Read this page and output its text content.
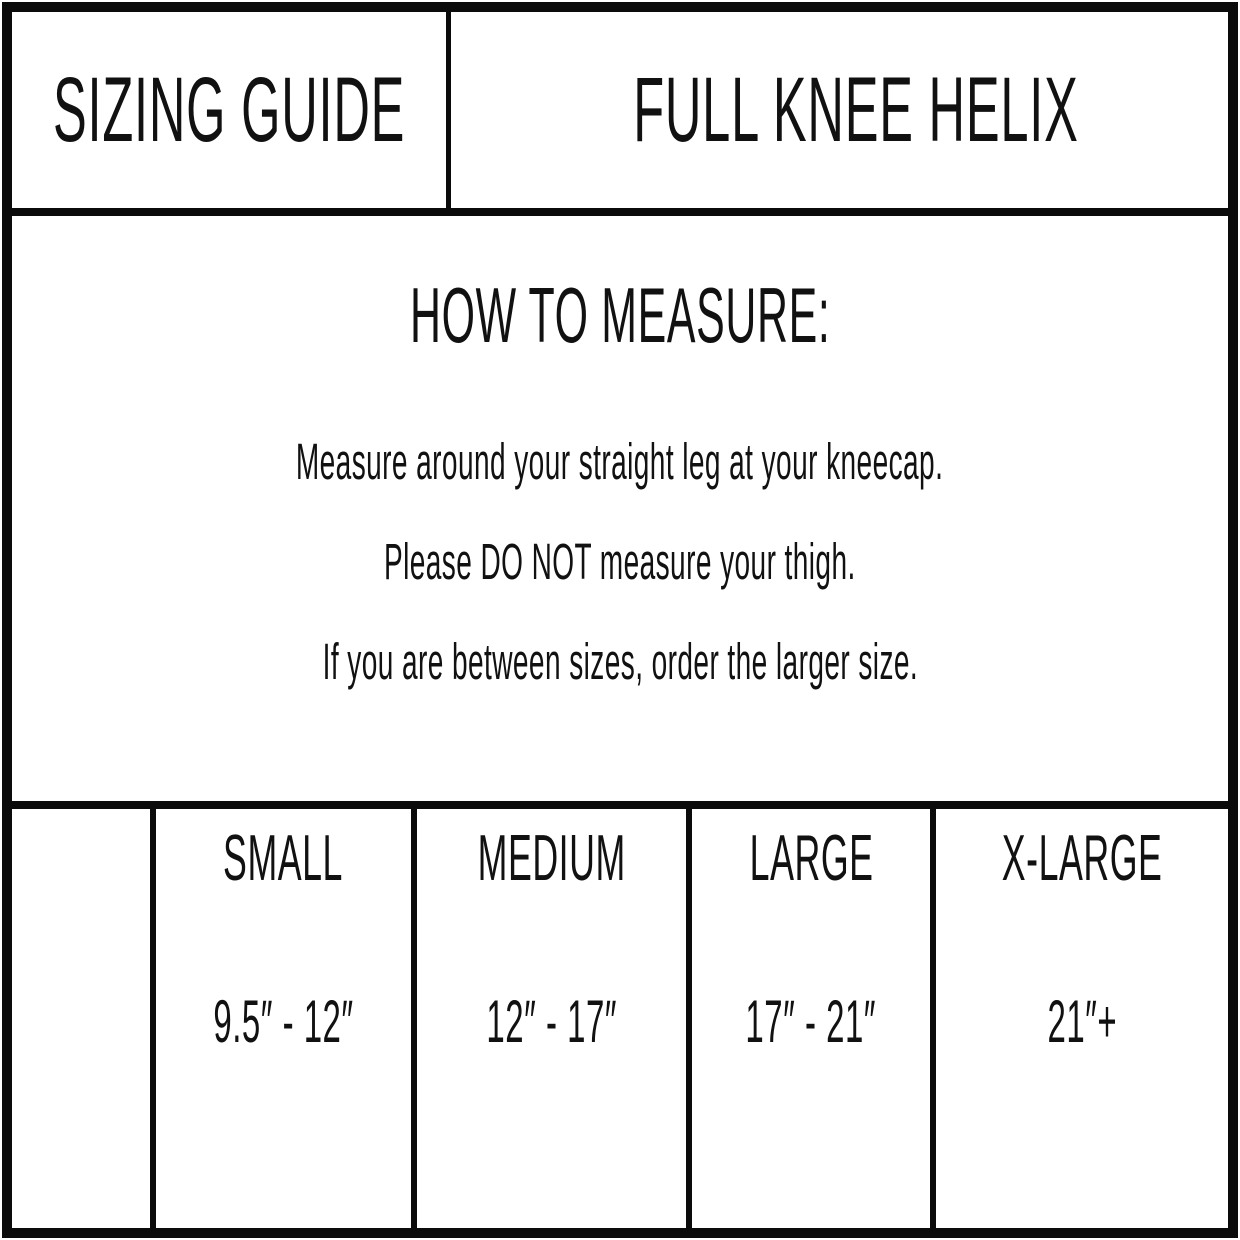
SIZING GUIDE	FULL KNEE HELIX
HOW TO MEASURE:

Measure around your straight leg at your kneecap.

Please DO NOT measure your thigh.

If you are between sizes, order the larger size.

SMALL
9.5″ - 12″
MEDIUM
12″ - 17″
LARGE
17″ - 21″
X-LARGE
21″+
